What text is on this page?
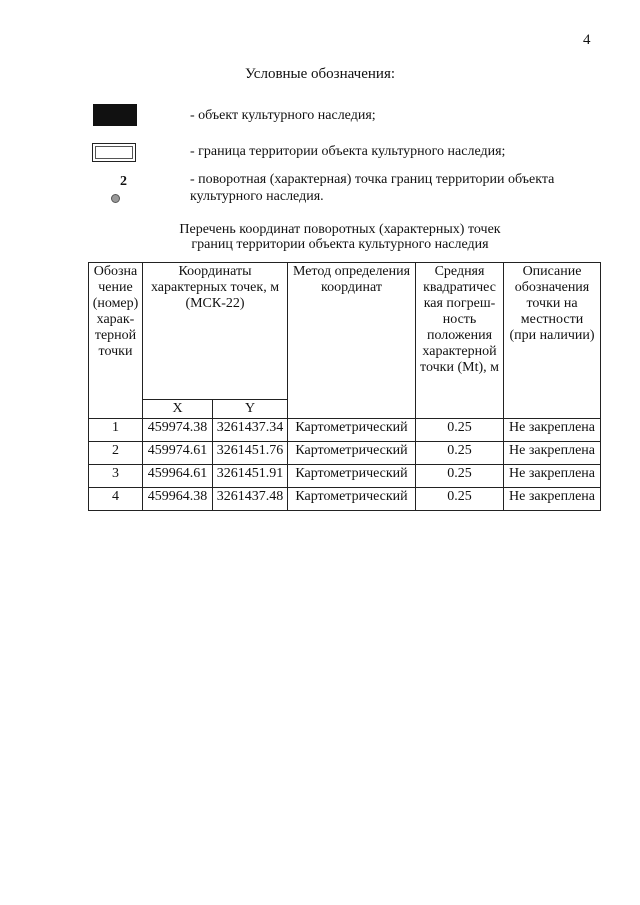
4
Условные обозначения:
- объект культурного наследия;
- граница территории объекта культурного наследия;
2	- поворотная (характерная) точка границ территории объекта культурного наследия.
Перечень координат поворотных (характерных) точек
границ территории объекта культурного наследия
Обозна чение (номер) харак- терной точки	Координаты характерных точек, м (МСК-22)		Метод определения координат	Средняя квадратичес кая погреш- ность положения характерной точки (Mt), м	Описание обозначения точки на местности (при наличии)
	X	Y			
1	459974.38	3261437.34	Картометрический	0.25	Не закреплена
2	459974.61	3261451.76	Картометрический	0.25	Не закреплена
3	459964.61	3261451.91	Картометрический	0.25	Не закреплена
4	459964.38	3261437.48	Картометрический	0.25	Не закреплена
